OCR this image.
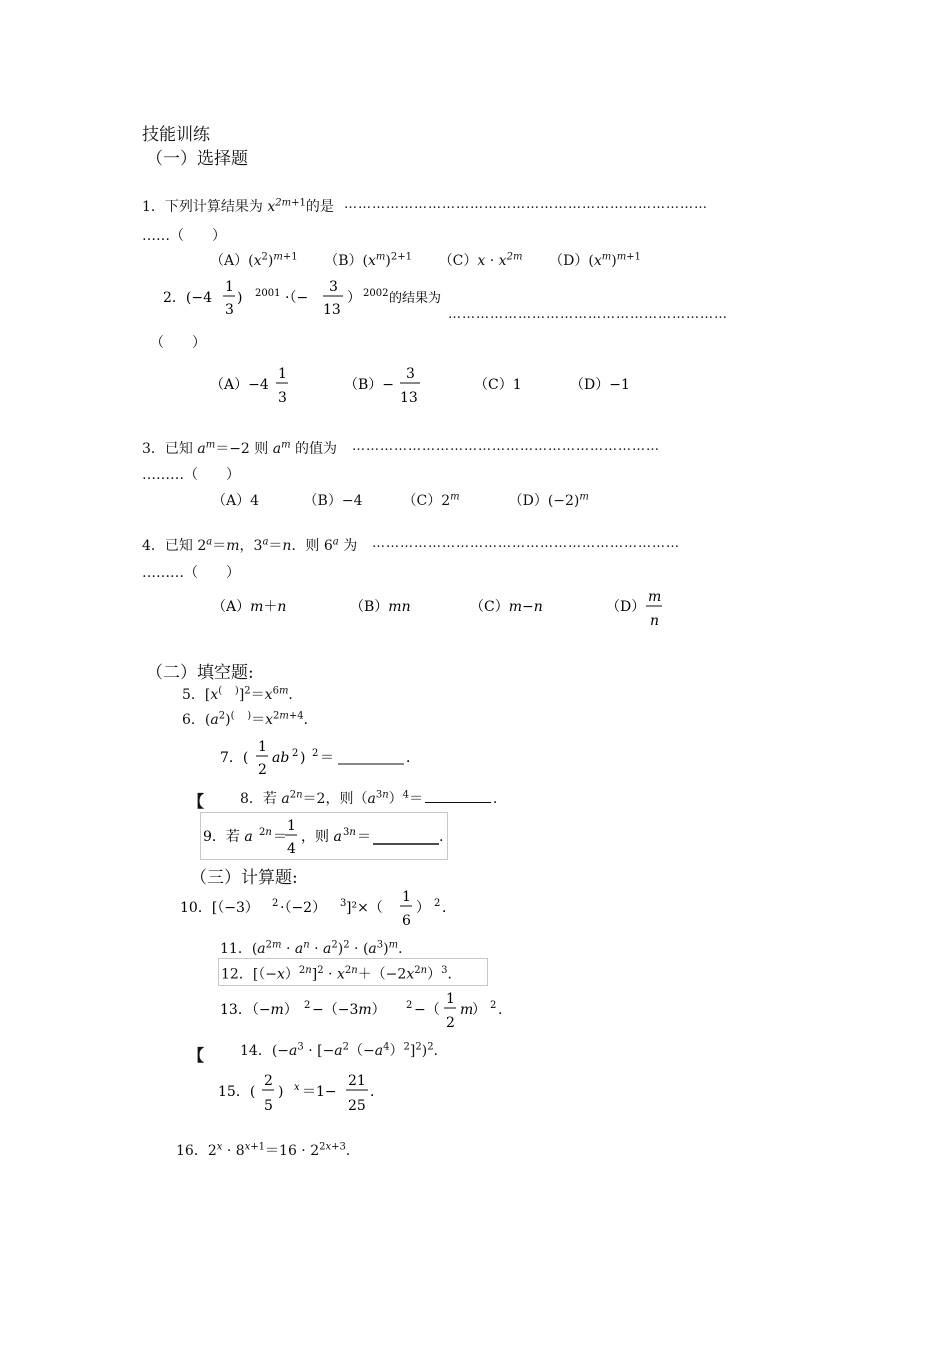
技能训练
（一）选择题
1．下列计算结果为 $x^{2m+1}$的是 ……………………………………………………………………
……（　　）
$(A)(x^2)^{m+1}$ $(B)(x^m)^{2+1}$ $(C)x \cdot x^{2m}$ $(D)(x^m)^{m+1}$
2．(−4
1
3
) 2001 ·（−
3
13
） 2002 的结果为
……………………………………………………
（　　）
（A）−4
1
3
（B）−
3
13
（C）1	（D）−1
3．已知 $a^m=-2$ 则 $a^m$ 的值为 …………………………………………………………
………（　　）
（A）4	（B）−4	（C）2$^m$	$(D)(-2)^m$
4．已知 $2^a=m$，$3^a=n$．则 6$^a$ 为 …………………………………………………………
………（　　）
（A）m＋n	（B）mn	（C）m−n	（D）
m
n
（二）填空题:
5．$[x^{( )}]^2=x^{6m}$．
6．$(a^2)^{( )}=x^{2m+4}$．
7．(
1
2
ab 2 ) 2 ＝	．
【	8．若 $a^{2n}=2$，则$(a^{3n})^4=$	．
9．若 a 2n ＝
1
4
，则 a 3n ＝	.
（三）计算题:
10．[（−3） 2 ·（−2） 3 ]²×（
1
6
） 2 ．
11．$(a^{2m} \cdot a^n \cdot a^2)^2 \cdot (a^3)^m$．
12．$[(-x)^{2n}]^2 \cdot x^{2n}+(-2x^{2n})^3$．
13．（−m） 2 −（−3m） 2 −（
1
2
m
） 2 .
【	14．$(-a^3 \cdot [-a^2(-a^4)^2]^2)^2$．
15．(
2
5
) x ＝1−
21
25
．
16．$2^x \cdot 8^{x+1}=16 \cdot 2^{2x+3}$．
